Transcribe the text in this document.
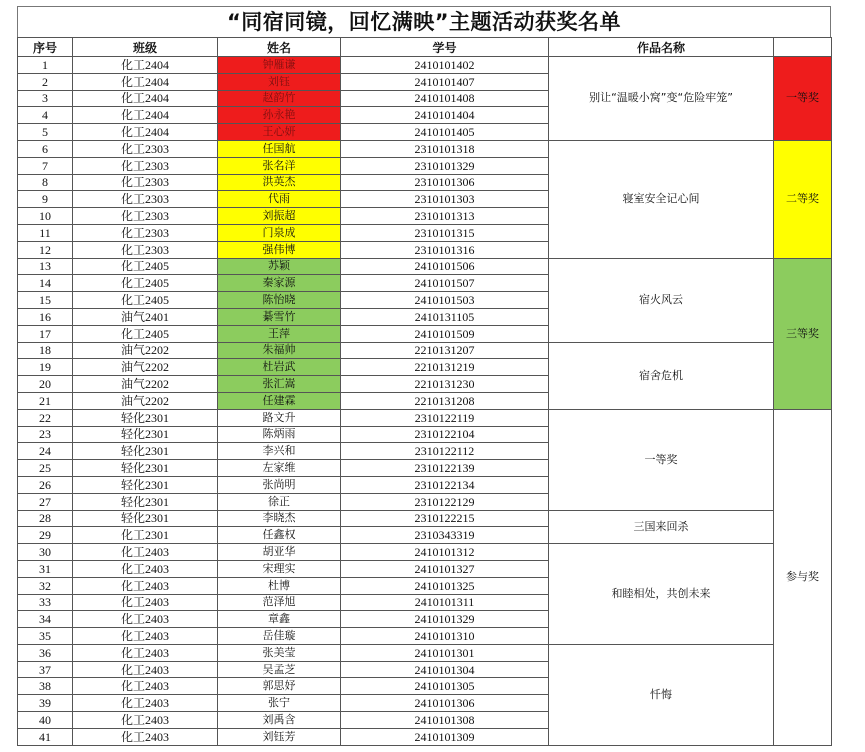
“同宿同镜，回忆满映”主题活动获奖名单
序号	班级	姓名	学号	作品名称	
1	化工2404	钟雁谦	2410101402	别让“温暖小窝”变“危险牢笼”	一等奖
2	化工2404	刘钰	2410101407		
3	化工2404	赵韵竹	2410101408		
4	化工2404	孙永艳	2410101404		
5	化工2404	王心妍	2410101405		
6	化工2303	任国航	2310101318	寝室安全记心间	二等奖
7	化工2303	张名洋	2310101329		
8	化工2303	洪英杰	2310101306		
9	化工2303	代雨	2310101303		
10	化工2303	刘振超	2310101313		
11	化工2303	门泉成	2310101315		
12	化工2303	强伟博	2310101316		
13	化工2405	苏颖	2410101506	宿火风云	三等奖
14	化工2405	秦家源	2410101507		
15	化工2405	陈怡晓	2410101503		
16	油气2401	綦雪竹	2410131105		
17	化工2405	王萍	2410101509		
18	油气2202	朱福帅	2210131207	宿舍危机	
19	油气2202	杜岩武	2210131219		
20	油气2202	张汇嵩	2210131230		
21	油气2202	任建霖	2210131208		
22	轻化2301	路文升	2310122119	一等奖	参与奖
23	轻化2301	陈炳雨	2310122104		
24	轻化2301	李兴和	2310122112		
25	轻化2301	左家维	2310122139		
26	轻化2301	张尚明	2310122134		
27	轻化2301	徐正	2310122129		
28	轻化2301	李晓杰	2310122215	三国来回杀	
29	化工2301	任鑫权	2310343319		
30	化工2403	胡亚华	2410101312	和睦相处，共创未来	
31	化工2403	宋理实	2410101327		
32	化工2403	杜博	2410101325		
33	化工2403	范泽旭	2410101311		
34	化工2403	章鑫	2410101329		
35	化工2403	岳佳璇	2410101310		
36	化工2403	张美莹	2410101301	忏悔	
37	化工2403	吴孟芝	2410101304		
38	化工2403	郭思妤	2410101305		
39	化工2403	张宁	2410101306		
40	化工2403	刘禹含	2410101308		
41	化工2403	刘钰芳	2410101309		
